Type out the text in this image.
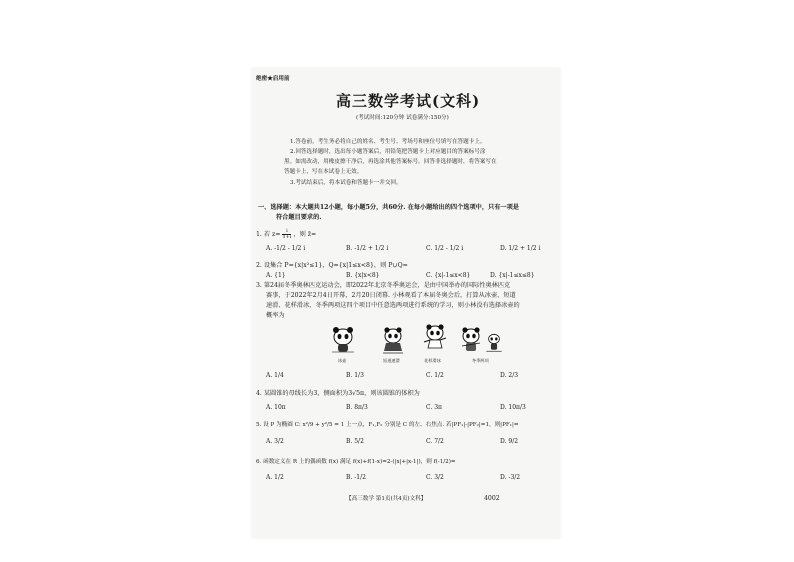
绝密★启用前
高三数学考试(文科)
(考试时间:120分钟 试卷满分:150分)
1.答卷前，考生务必将自己的姓名、考生号、考场号和座位号填写在答题卡上。
2.回答选择题时，选出每小题答案后，用铅笔把答题卡上对应题目的答案标号涂
黑。如需改动，用橡皮擦干净后，再选涂其他答案标号。回答非选择题时，将答案写在
答题卡上，写在本试卷上无效。
3.考试结束后，将本试卷和答题卡一并交回。
一、选择题：本大题共12小题，每小题5分，共60分. 在每小题给出的四个选项中，只有一项是
符合题目要求的.
1. 若 $z= \frac{i}{1+i}$ ，则 z̄=
A. -1/2 - 1/2 i	B. -1/2 + 1/2 i	C. 1/2 - 1/2 i	D. 1/2 + 1/2 i
2. 设集合 P={x|x²≤1}，Q={x|1≤x<8}，则 P∪Q=
A. {1}	B. {x|x<8}	C. {x|-1≤x<8}	D. {x|-1≤x≤8}
3. 第24届冬季奥林匹克运动会，即2022年北京冬季奥运会，是由中国举办的国际性奥林匹克
赛事，于2022年2月4日开幕，2月20日闭幕. 小林观看了本届冬奥会后，打算从冰壶、短道
速滑、花样滑冰、冬季两项这四个项目中任意选两项进行系统的学习，则小林没有选择冰壶的
概率为
冰壶	短道速滑	花样滑冰	冬季两项
A. 1/4	B. 1/3	C. 1/2	D. 2/3
4. 某圆锥的母线长为3，侧面积为3√5π，则该圆锥的体积为
A. 10π	B. 8π/3	C. 3π	D. 10π/3
5. 设 P 为椭圆 C: x²/9 + y²/5 = 1 上一点，F₁,F₂ 分别是 C 的左、右焦点. 若|PF₁|-|PF₂|=1，则|PF₁|=
A. 3/2	B. 5/2	C. 7/2	D. 9/2
6. 函数定义在 R 上的偶函数 f(x) 满足 f(x)+f(1-x)=2-(|x|+|x-1|)，则 f(-1/2)=
A. 1/2	B. -1/2	C. 3/2	D. -3/2
【高三数学 第1页(共4页)文科】	4002
